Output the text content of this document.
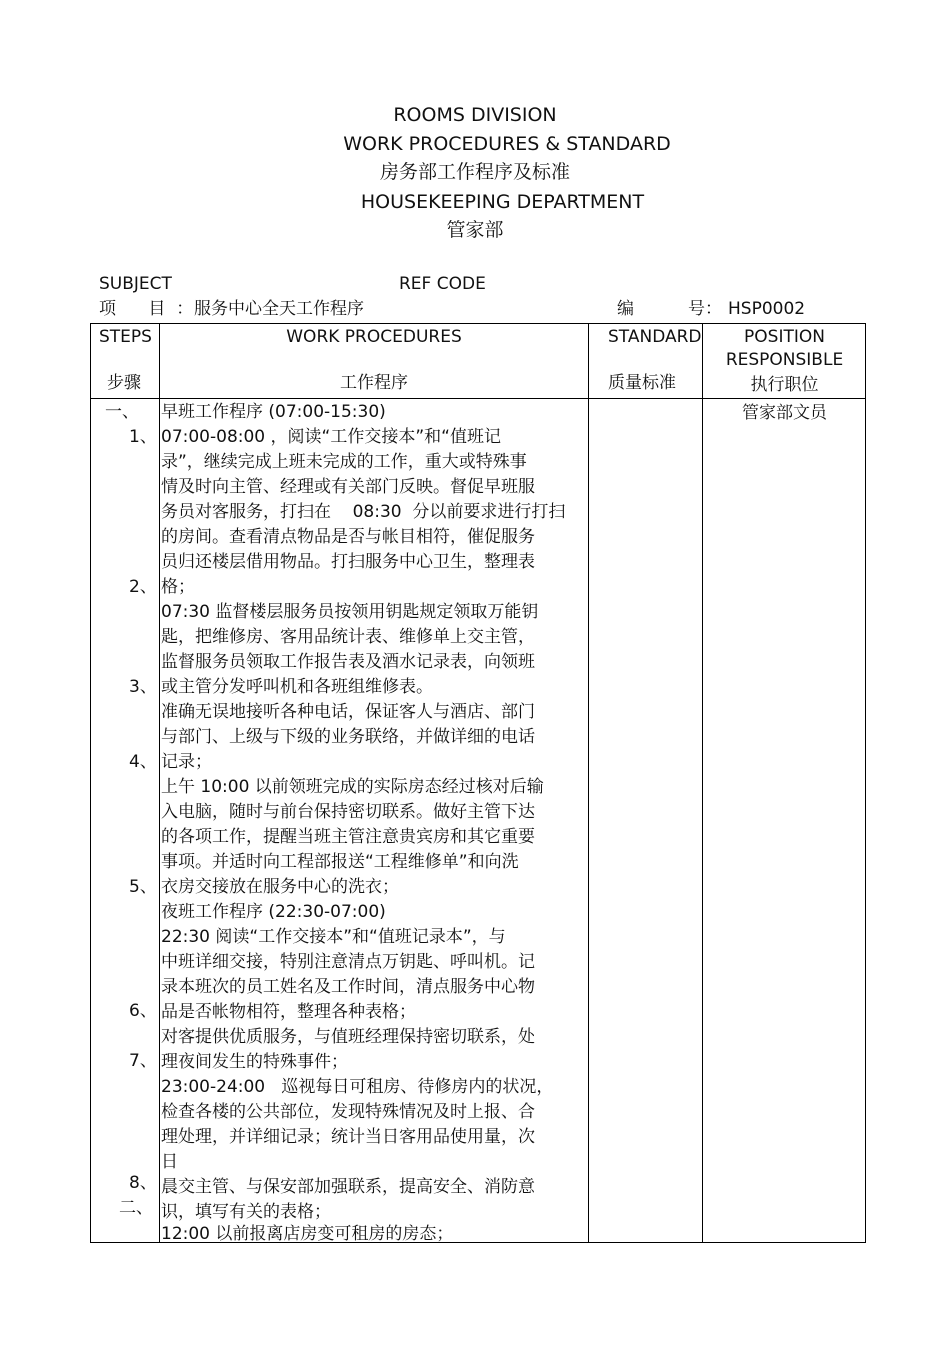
ROOMS DIVISION
WORK PROCEDURES & STANDARD
房务部工作程序及标准
HOUSEKEEPING DEPARTMENT
管家部
SUBJECT	REF CODE
项      目  ： 服务中心全天工作程序	编          号： HSP0002
STEPS
步骤
WORK PROCEDURES
工作程序
STANDARD
质量标准
POSITION
RESPONSIBLE
执行职位
管家部文员
一、
1、
2、
3、
4、
5、
6、
7、
8、
二、
早班工作程序 (07:00-15:30)
07:00-08:00 ，阅读“工作交接本”和“值班记
录”，继续完成上班未完成的工作，重大或特殊事
情及时向主管、经理或有关部门反映。督促早班服
务员对客服务，打扫在    08:30  分以前要求进行打扫
的房间。查看清点物品是否与帐目相符，催促服务
员归还楼层借用物品。打扫服务中心卫生，整理表
格；
07:30 监督楼层服务员按领用钥匙规定领取万能钥
匙，把维修房、客用品统计表、维修单上交主管，
监督服务员领取工作报告表及酒水记录表，向领班
或主管分发呼叫机和各班组维修表。
准确无误地接听各种电话，保证客人与酒店、部门
与部门、上级与下级的业务联络，并做详细的电话
记录；
上午 10:00 以前领班完成的实际房态经过核对后输
入电脑，随时与前台保持密切联系。做好主管下达
的各项工作，提醒当班主管注意贵宾房和其它重要
事项。并适时向工程部报送“工程维修单”和向洗
衣房交接放在服务中心的洗衣；
夜班工作程序 (22:30-07:00)
22:30 阅读“工作交接本”和“值班记录本”，与
中班详细交接，特别注意清点万钥匙、呼叫机。记
录本班次的员工姓名及工作时间，清点服务中心物
品是否帐物相符，整理各种表格；
对客提供优质服务，与值班经理保持密切联系，处
理夜间发生的特殊事件；
23:00-24:00   巡视每日可租房、待修房内的状况，
检查各楼的公共部位，发现特殊情况及时上报、合
理处理，并详细记录；统计当日客用品使用量，次
日
晨交主管、与保安部加强联系，提高安全、消防意
识，填写有关的表格；
12:00 以前报离店房变可租房的房态；
